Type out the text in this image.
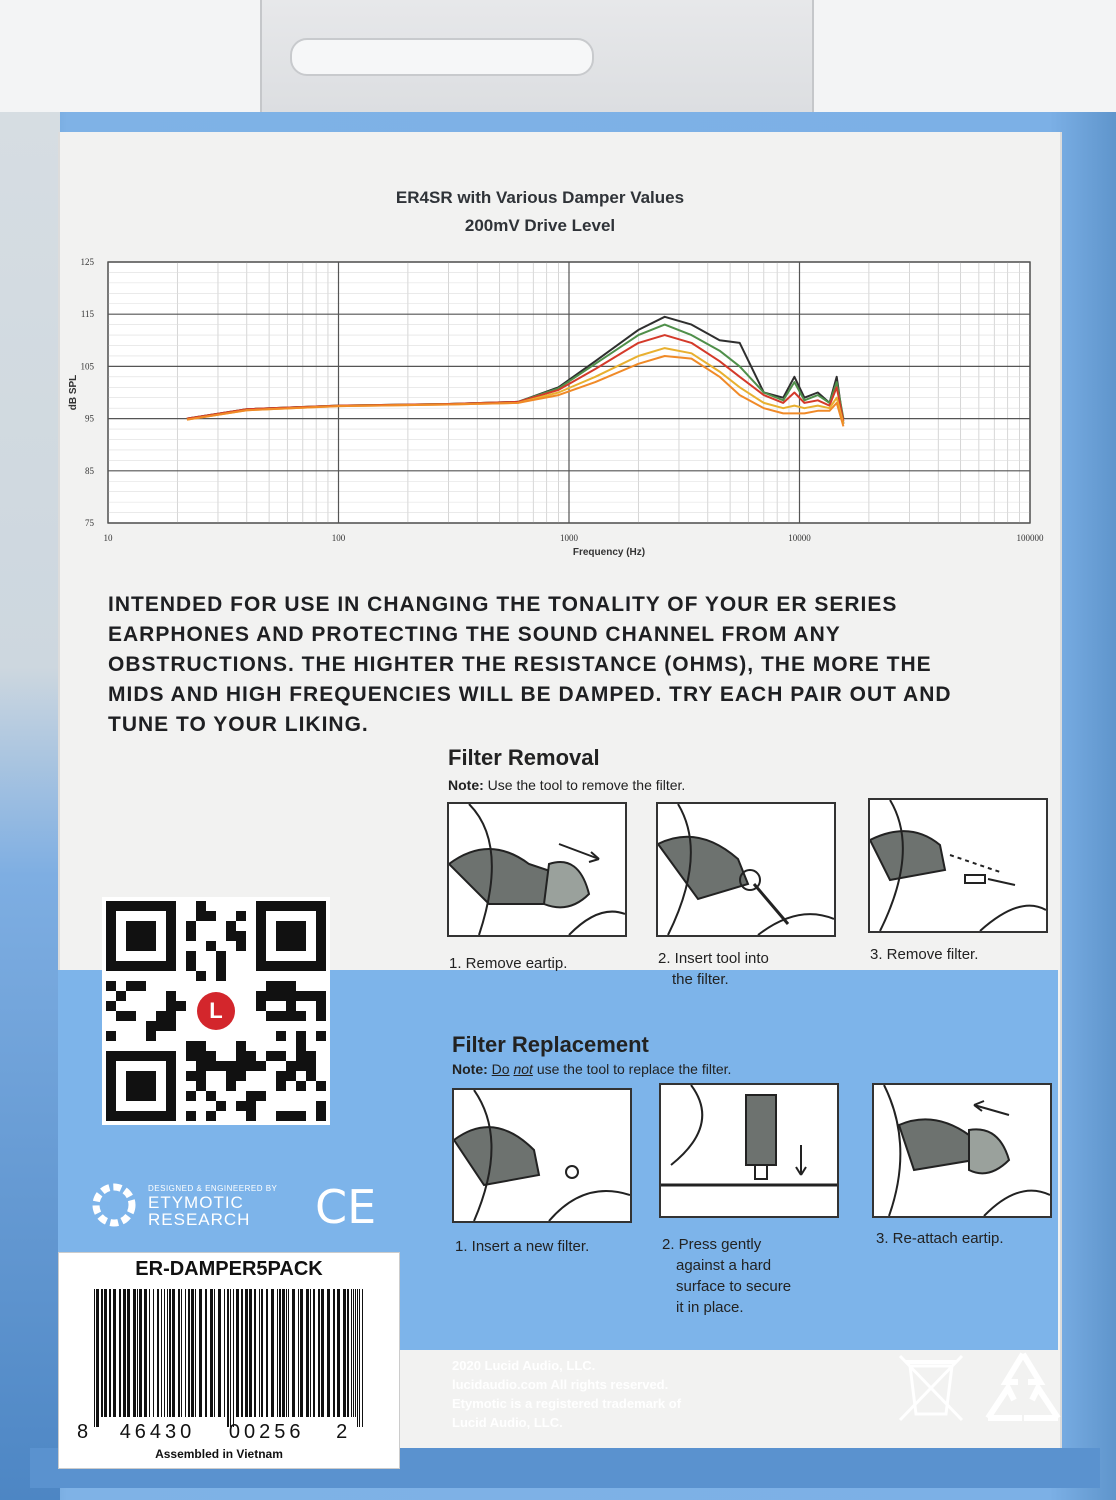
ER4SR with Various Damper Values
200mV Drive Level
10	100	1000	10000	100000
125
115
105
95
85
75
Frequency (Hz)
dB SPL
INTENDED FOR USE IN CHANGING THE TONALITY OF YOUR ER SERIES EARPHONES AND PROTECTING THE SOUND CHANNEL FROM ANY OBSTRUCTIONS. THE HIGHTER THE RESISTANCE (OHMS), THE MORE THE MIDS AND HIGH FREQUENCIES WILL BE DAMPED. TRY EACH PAIR OUT AND TUNE TO YOUR LIKING.
Filter Removal
Note: Use the tool to remove the filter.
1. Remove eartip.	2. Insert tool into
the filter.
3. Remove filter.
Filter Replacement
Note: Do not use the tool to replace the filter.
1. Insert a new filter.	2. Press gently
against a hard
surface to secure
it in place.
3. Re-attach eartip.
L
DESIGNED & ENGINEERED BY
ETYMOTIC
RESEARCH CE
ER-DAMPER5PACK
8 46430 00256 2
Assembled in Vietnam
2020 Lucid Audio, LLC.
lucidaudio.com All rights reserved.
Etymotic is a registered trademark of
Lucid Audio, LLC.
